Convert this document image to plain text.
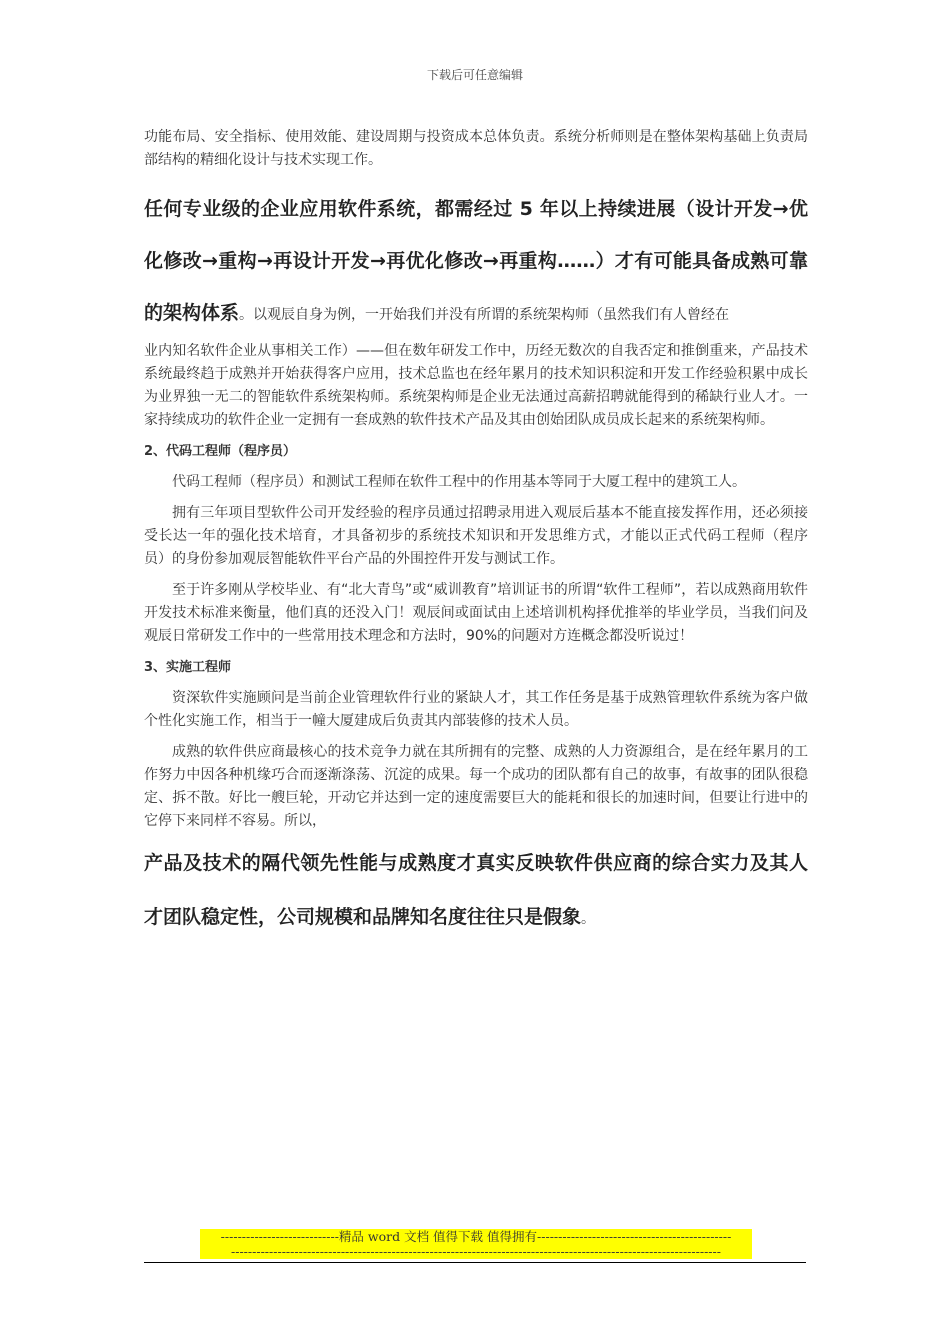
下载后可任意编辑

功能布局、安全指标、使用效能、建设周期与投资成本总体负责。系统分析师则是在整体架构基础上负责局部结构的精细化设计与技术实现工作。

任何专业级的企业应用软件系统，都需经过 5 年以上持续进展（设计开发→优化修改→重构→再设计开发→再优化修改→再重构……）才有可能具备成熟可靠的架构体系。以观辰自身为例，一开始我们并没有所谓的系统架构师（虽然我们有人曾经在

业内知名软件企业从事相关工作）——但在数年研发工作中，历经无数次的自我否定和推倒重来，产品技术系统最终趋于成熟并开始获得客户应用，技术总监也在经年累月的技术知识积淀和开发工作经验积累中成长为业界独一无二的智能软件系统架构师。系统架构师是企业无法通过高薪招聘就能得到的稀缺行业人才。一家持续成功的软件企业一定拥有一套成熟的软件技术产品及其由创始团队成员成长起来的系统架构师。

2、代码工程师（程序员）

代码工程师（程序员）和测试工程师在软件工程中的作用基本等同于大厦工程中的建筑工人。

拥有三年项目型软件公司开发经验的程序员通过招聘录用进入观辰后基本不能直接发挥作用，还必须接受长达一年的强化技术培育，才具备初步的系统技术知识和开发思维方式，才能以正式代码工程师（程序员）的身份参加观辰智能软件平台产品的外围控件开发与测试工作。

至于许多刚从学校毕业、有“北大青鸟”或“威训教育”培训证书的所谓“软件工程师”，若以成熟商用软件开发技术标准来衡量，他们真的还没入门！观辰间或面试由上述培训机构择优推举的毕业学员，当我们问及观辰日常研发工作中的一些常用技术理念和方法时，90%的问题对方连概念都没听说过！

3、实施工程师

资深软件实施顾问是当前企业管理软件行业的紧缺人才，其工作任务是基于成熟管理软件系统为客户做个性化实施工作，相当于一幢大厦建成后负责其内部装修的技术人员。

成熟的软件供应商最核心的技术竞争力就在其所拥有的完整、成熟的人力资源组合，是在经年累月的工作努力中因各种机缘巧合而逐渐涤荡、沉淀的成果。每一个成功的团队都有自己的故事，有故事的团队很稳定、拆不散。好比一艘巨轮，开动它并达到一定的速度需要巨大的能耗和很长的加速时间，但要让行进中的它停下来同样不容易。所以，

产品及技术的隔代领先性能与成熟度才真实反映软件供应商的综合实力及其人才团队稳定性，公司规模和品牌知名度往往只是假象。

----------------------------精品 word 文档 值得下载 值得拥有----------------------------------------------
--------------------------------------------------------------------------------------------------------------------
